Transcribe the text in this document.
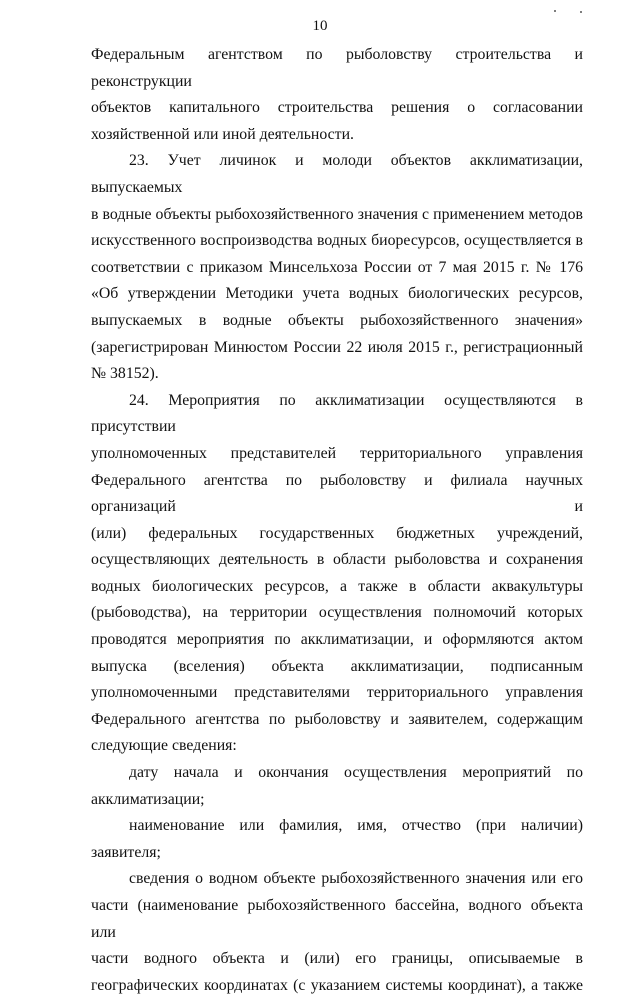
10
Федеральным агентством по рыболовству строительства и реконструкции
объектов капитального строительства решения о согласовании
хозяйственной или иной деятельности.
23. Учет личинок и молоди объектов акклиматизации, выпускаемых
в водные объекты рыбохозяйственного значения с применением методов
искусственного воспроизводства водных биоресурсов, осуществляется в
соответствии с приказом Минсельхоза России от 7 мая 2015 г. № 176
«Об утверждении Методики учета водных биологических ресурсов,
выпускаемых в водные объекты рыбохозяйственного значения»
(зарегистрирован Минюстом России 22 июля 2015 г., регистрационный
№ 38152).
24. Мероприятия по акклиматизации осуществляются в присутствии
уполномоченных представителей территориального управления
Федерального агентства по рыболовству и филиала научных организаций и
(или) федеральных государственных бюджетных учреждений,
осуществляющих деятельность в области рыболовства и сохранения
водных биологических ресурсов, а также в области аквакультуры
(рыбоводства), на территории осуществления полномочий которых
проводятся мероприятия по акклиматизации, и оформляются актом
выпуска (вселения) объекта акклиматизации, подписанным
уполномоченными представителями территориального управления
Федерального агентства по рыболовству и заявителем, содержащим
следующие сведения:
дату начала и окончания осуществления мероприятий по
акклиматизации;
наименование или фамилия, имя, отчество (при наличии) заявителя;
сведения о водном объекте рыбохозяйственного значения или его
части (наименование рыбохозяйственного бассейна, водного объекта или
части водного объекта и (или) его границы, описываемые в
географических координатах (с указанием системы координат), а также
